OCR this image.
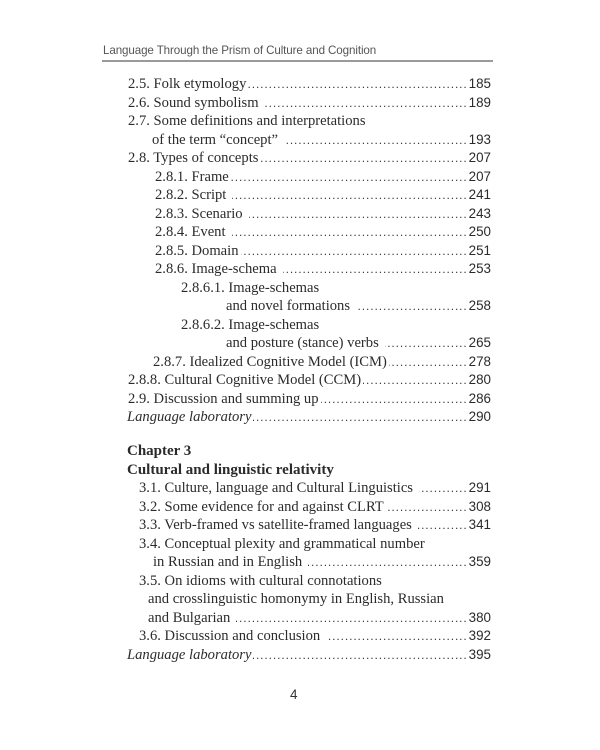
Language Through the Prism of Culture and Cognition
2.5. Folk etymology .....	185
2.6. Sound symbolism .....	189
2.7. Some definitions and interpretations
of the term “concept” .....	193
2.8. Types of concepts .....	207
2.8.1. Frame .....	207
2.8.2. Script .....	241
2.8.3. Scenario .....	243
2.8.4. Event .....	250
2.8.5. Domain .....	251
2.8.6. Image-schema .....	253
2.8.6.1. Image-schemas
and novel formations .....	258
2.8.6.2. Image-schemas
and posture (stance) verbs .....	265
2.8.7. Idealized Cognitive Model (ICM) .....	278
2.8.8. Cultural Cognitive Model (CCM) .....	280
2.9. Discussion and summing up .....	286
Language laboratory .....	290
Chapter 3
Cultural and linguistic relativity
3.1. Culture, language and Cultural Linguistics .....	291
3.2. Some evidence for and against CLRT .....	308
3.3. Verb-framed vs satellite-framed languages .....	341
3.4. Conceptual plexity and grammatical number
in Russian and in English .....	359
3.5. On idioms with cultural connotations
and crosslinguistic homonymy in English, Russian
and Bulgarian .....	380
3.6. Discussion and conclusion .....	392
Language laboratory .....	395
4
